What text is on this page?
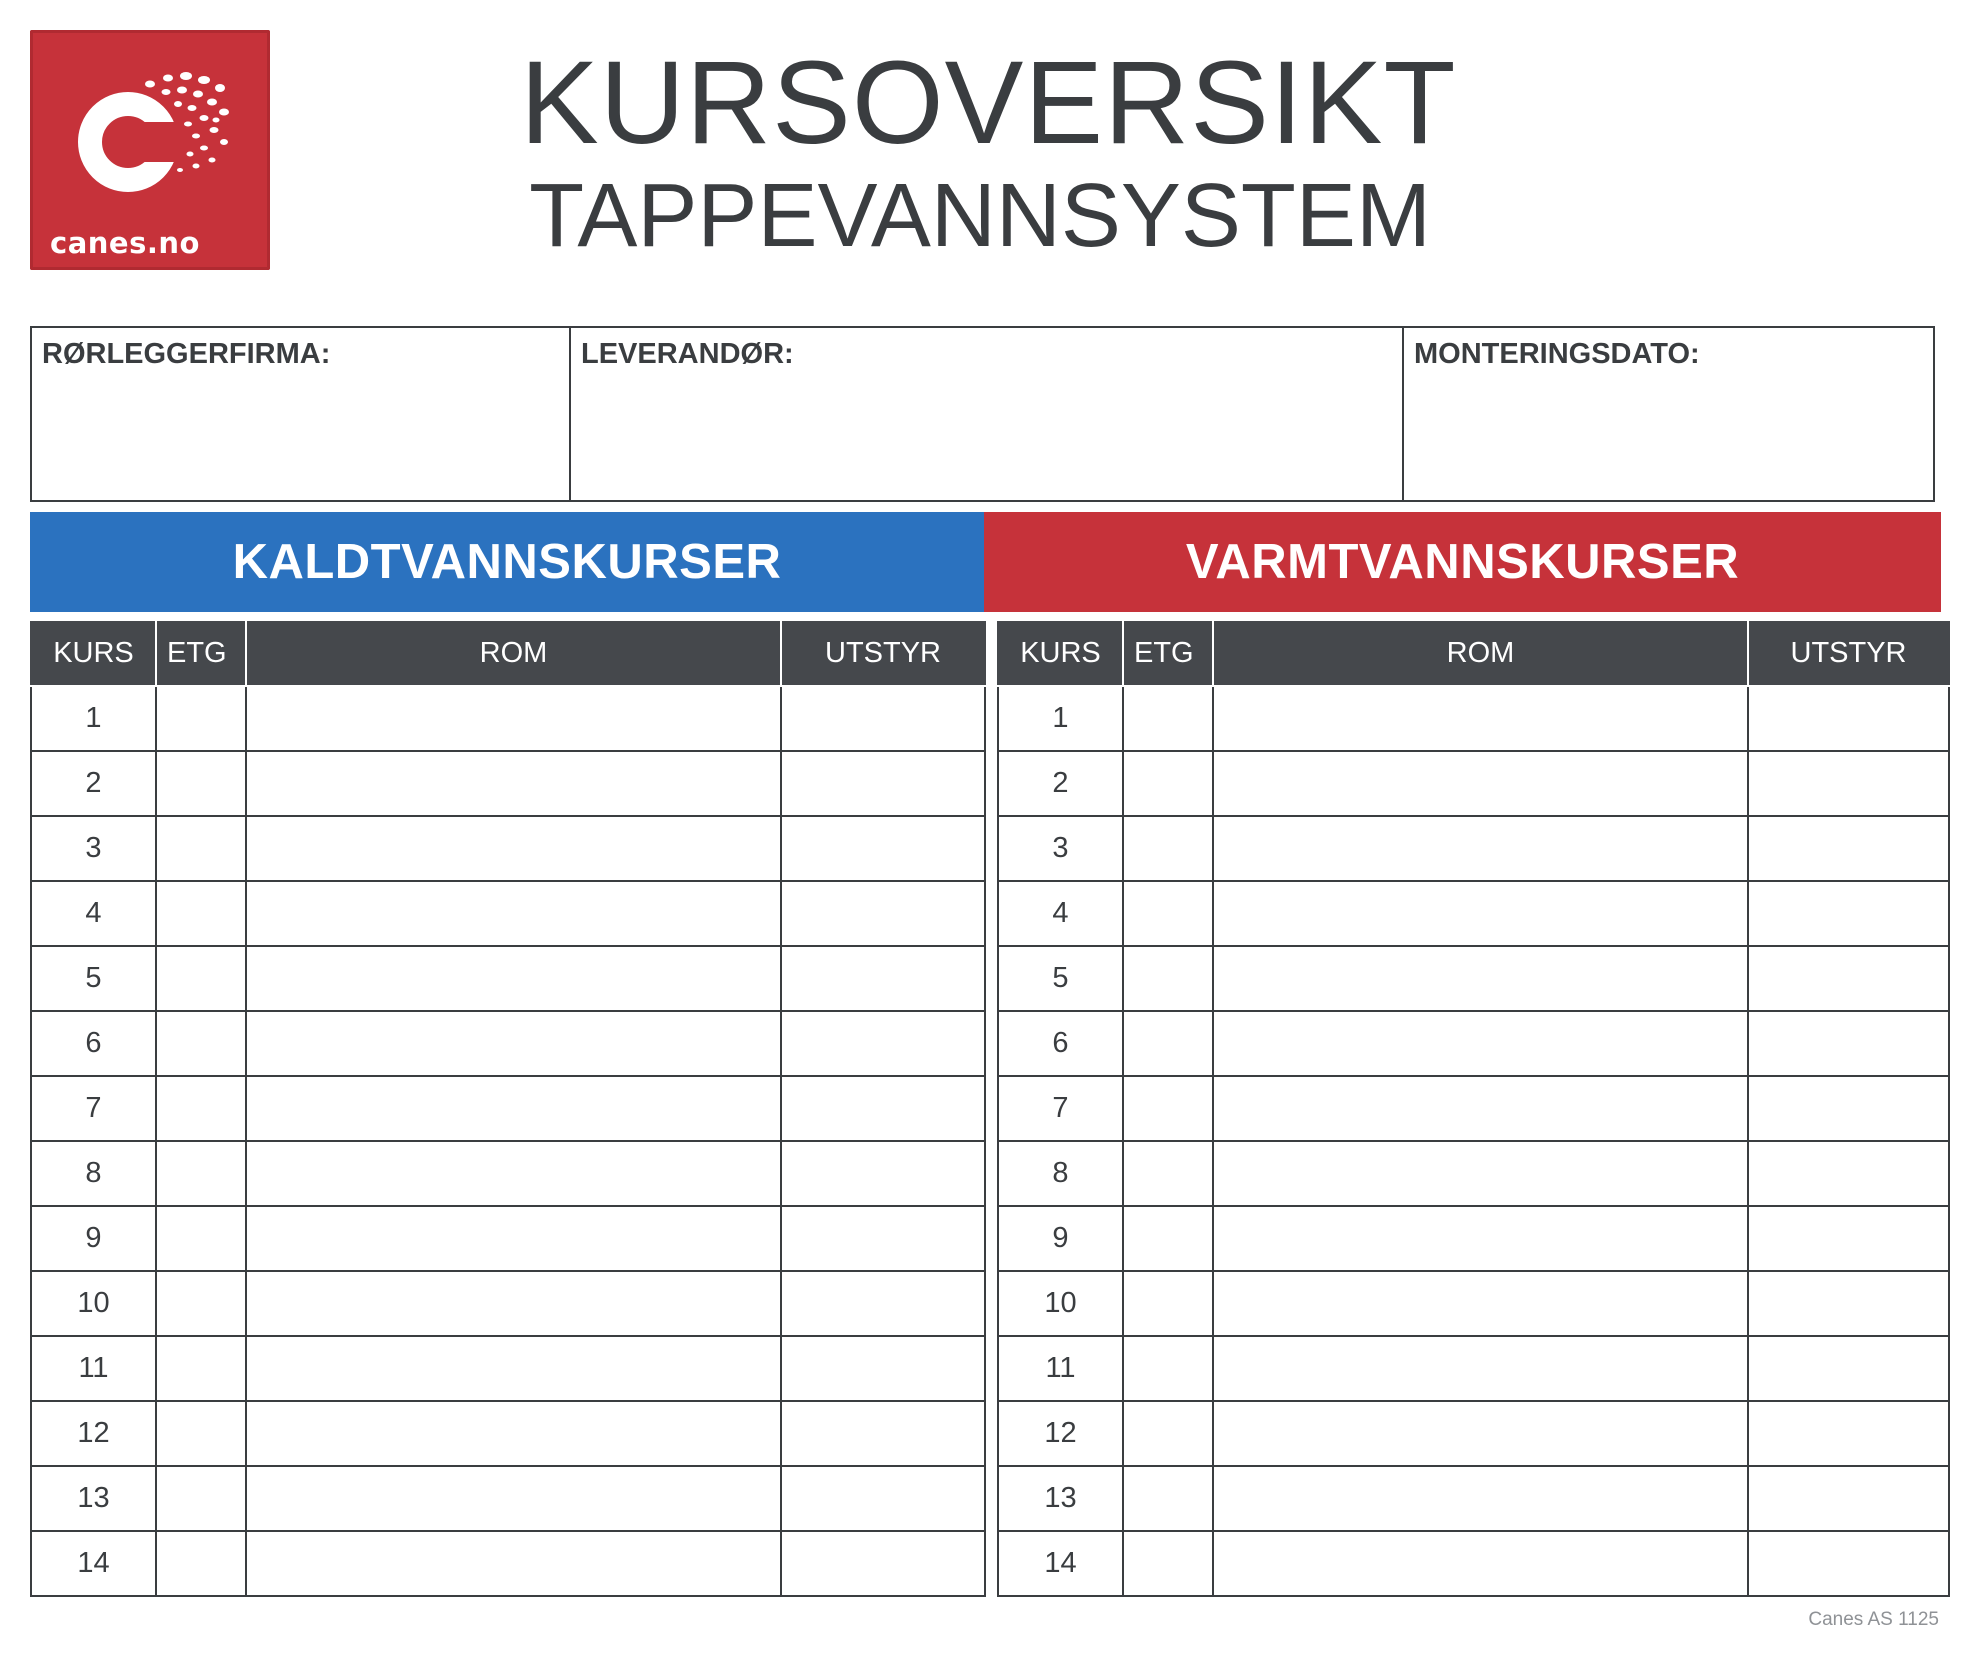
canes.no
KURSOVERSIKT
TAPPEVANNSYSTEM
RØRLEGGERFIRMA:	LEVERANDØR:	MONTERINGSDATO:
KALDTVANNSKURSER	VARMTVANNSKURSER
KURS	ETG	ROM	UTSTYR
1			
2			
3			
4			
5			
6			
7			
8			
9			
10			
11			
12			
13			
14			
KURS	ETG	ROM	UTSTYR
1			
2			
3			
4			
5			
6			
7			
8			
9			
10			
11			
12			
13			
14			
Canes AS 1125
